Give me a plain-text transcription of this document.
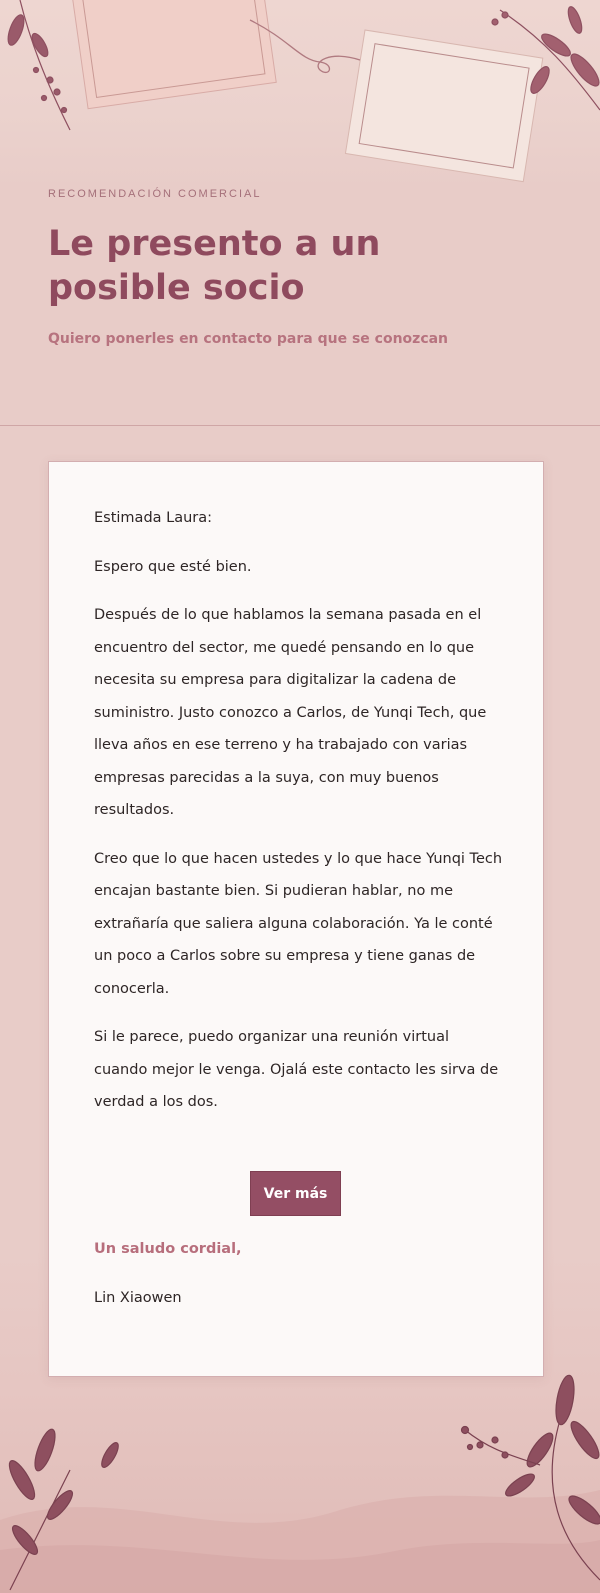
RECOMENDACIÓN COMERCIAL
Le presento a un posible socio
Quiero ponerles en contacto para que se conozcan

Estimada Laura:

Espero que esté bien.

Después de lo que hablamos la semana pasada en el encuentro del sector, me quedé pensando en lo que necesita su empresa para digitalizar la cadena de suministro. Justo conozco a Carlos, de Yunqi Tech, que lleva años en ese terreno y ha trabajado con varias empresas parecidas a la suya, con muy buenos resultados.

Creo que lo que hacen ustedes y lo que hace Yunqi Tech encajan bastante bien. Si pudieran hablar, no me extrañaría que saliera alguna colaboración. Ya le conté un poco a Carlos sobre su empresa y tiene ganas de conocerla.

Si le parece, puedo organizar una reunión virtual cuando mejor le venga. Ojalá este contacto les sirva de verdad a los dos.

Ver más
Un saludo cordial,
Lin Xiaowen
